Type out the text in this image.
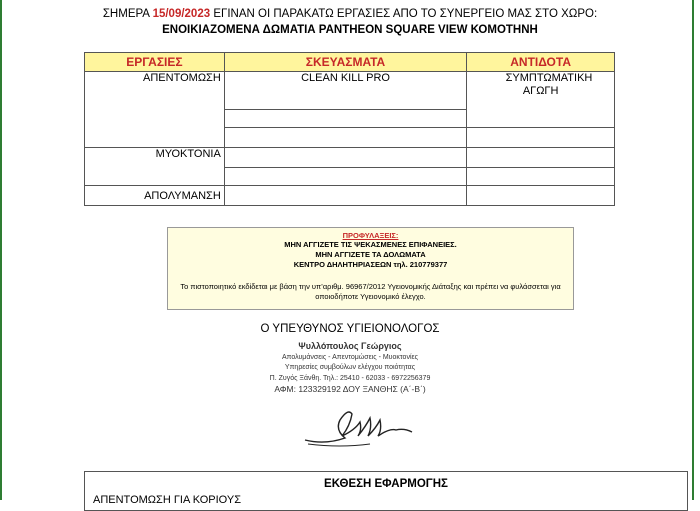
ΣΗΜΕΡΑ 15/09/2023 ΕΓΙΝΑΝ ΟΙ ΠΑΡΑΚΑΤΩ ΕΡΓΑΣΙΕΣ ΑΠΟ ΤΟ ΣΥΝΕΡΓΕΙΟ ΜΑΣ ΣΤΟ ΧΩΡΟ:
ΕΝΟΙΚΙΑΖΟΜΕΝΑ ΔΩΜΑΤΙΑ PANTHEON SQUARE VIEW ΚΟΜΟΤΗΝΗ
ΕΡΓΑΣΙΕΣ	ΣΚΕΥΑΣΜΑΤΑ	ΑΝΤΙΔΟΤΑ
ΑΠΕΝΤΟΜΩΣΗ	CLEAN KILL PRO	ΣΥΜΠΤΩΜΑΤΙΚΗ ΑΓΩΓΗ

ΜΥΟΚΤΟΝΙΑ		

ΑΠΟΛΥΜΑΝΣΗ		
ΠΡΟΦΥΛΑΞΕΙΣ:
ΜΗΝ ΑΓΓΙΖΕΤΕ ΤΙΣ ΨΕΚΑΣΜΕΝΕΣ ΕΠΙΦΑΝΕΙΕΣ.
ΜΗΝ ΑΓΓΙΖΕΤΕ ΤΑ ΔΟΛΩΜΑΤΑ
ΚΕΝΤΡΟ ΔΗΛΗΤΗΡΙΑΣΕΩΝ τηλ. 210779377
Το πιστοποιητικό εκδίδεται με βάση την υπ’αριθμ. 96967/2012 Υγειονομικής Διάταξης και πρέπει να φυλάσσεται για οποιοδήποτε Υγειονομικό έλεγχο.
Ο ΥΠΕΥΘΥΝΟΣ ΥΓΙΕΙΟΝΟΛΟΓΟΣ
Ψυλλόπουλος Γεώργιος
Απολυμάνσεις - Απεντομώσεις - Μυοκτονίες
Υπηρεσίες συμβούλων ελέγχου ποιότητας
Π. Ζυγός Ξάνθη. Τηλ.: 25410 - 62033 - 6972256379
ΑΦΜ: 123329192 ΔΟΥ ΞΑΝΘΗΣ (Α΄-Β΄)
ΕΚΘΕΣΗ ΕΦΑΡΜΟΓΗΣ
ΑΠΕΝΤΟΜΩΣΗ ΓΙΑ ΚΟΡΙΟΥΣ
